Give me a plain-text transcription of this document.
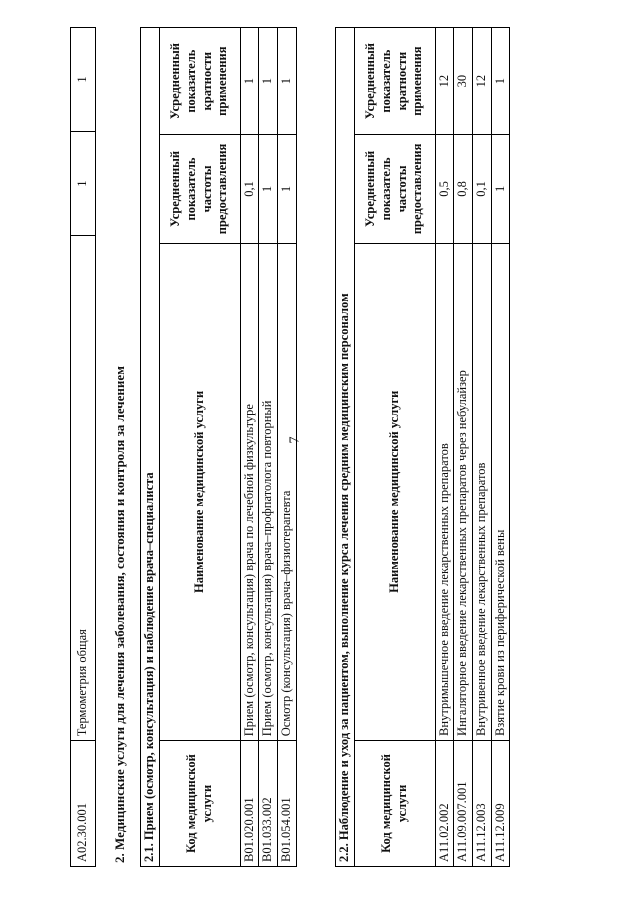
7
A02.30.001	Термометрия общая	1	1
2. Медицинские услуги для лечения заболевания, состояния и контроля за лечением 2.1. Прием (осмотр, консультация) и наблюдение врача–специалиста			
Код медицинской услуги	Наименование медицинской услуги	Усредненный показатель частоты предоставления	Усредненный показатель кратности применения
B01.020.001	Прием (осмотр, консультация) врача по лечебной физкультуре	0,1	1
B01.033.002	Прием (осмотр, консультация) врача–профпатолога повторный	1	1
B01.054.001	Осмотр (консультация) врача–физиотерапевта	1	1
2.2. Наблюдение и уход за пациентом, выполнение курса лечения средним медицинским персоналом			
Код медицинской услуги	Наименование медицинской услуги	Усредненный показатель частоты предоставления	Усредненный показатель кратности применения
A11.02.002	Внутримышечное введение лекарственных препаратов	0,5	12
A11.09.007.001	Ингаляторное введение лекарственных препаратов через небулайзер	0,8	30
A11.12.003	Внутривенное введение лекарственных препаратов	0,1	12
A11.12.009	Взятие крови из периферической вены	1	1
